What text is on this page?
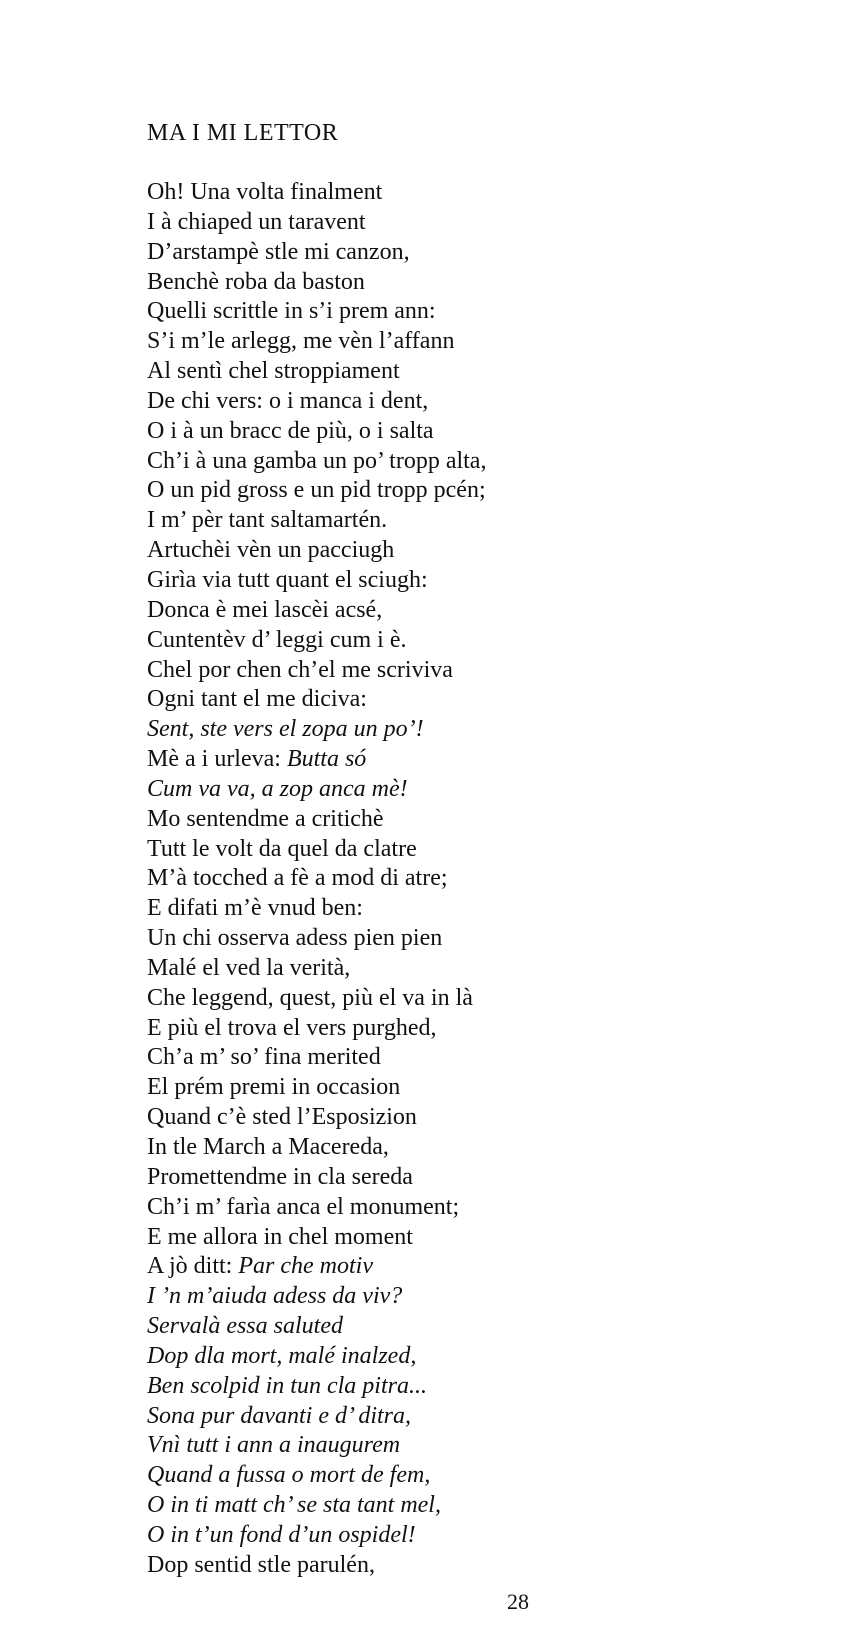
MA I MI LETTOR
Oh! Una volta finalment
I à chiaped un taravent
D’arstampè stle mi canzon,
Benchè roba da baston
Quelli scrittle in s’i prem ann:
S’i m’le arlegg, me vèn l’affann
Al sentì chel stroppiament
De chi vers: o i manca i dent,
O i à un bracc de più, o i salta
Ch’i à una gamba un po’ tropp alta,
O un pid gross e un pid tropp pcén;
I m’ pèr tant saltamartén.
Artuchèi vèn un pacciugh
Girìa via tutt quant el sciugh:
Donca è mei lascèi acsé,
Cuntentèv d’ leggi cum i è.
Chel por chen ch’el me scriviva
Ogni tant el me diciva:
Sent, ste vers el zopa un po’!
Mè a i urleva: Butta só
Cum va va, a zop anca mè!
Mo sentendme a critichè
Tutt le volt da quel da clatre
M’à tocched a fè a mod di atre;
E difati m’è vnud ben:
Un chi osserva adess pien pien
Malé el ved la verità,
Che leggend, quest, più el va in là
E più el trova el vers purghed,
Ch’a m’ so’ fina merited
El prém premi in occasion
Quand c’è sted l’Esposizion
In tle March a Macereda,
Promettendme in cla sereda
Ch’i m’ farìa anca el monument;
E me allora in chel moment
A jò ditt: Par che motiv
I ’n m’aiuda adess da viv?
Servalà essa saluted
Dop dla mort, malé inalzed,
Ben scolpid in tun cla pitra...
Sona pur davanti e d’ ditra,
Vnì tutt i ann a inaugurem
Quand a fussa o mort de fem,
O in ti matt ch’ se sta tant mel,
O in t’un fond d’un ospidel!
Dop sentid stle parulén,
28
